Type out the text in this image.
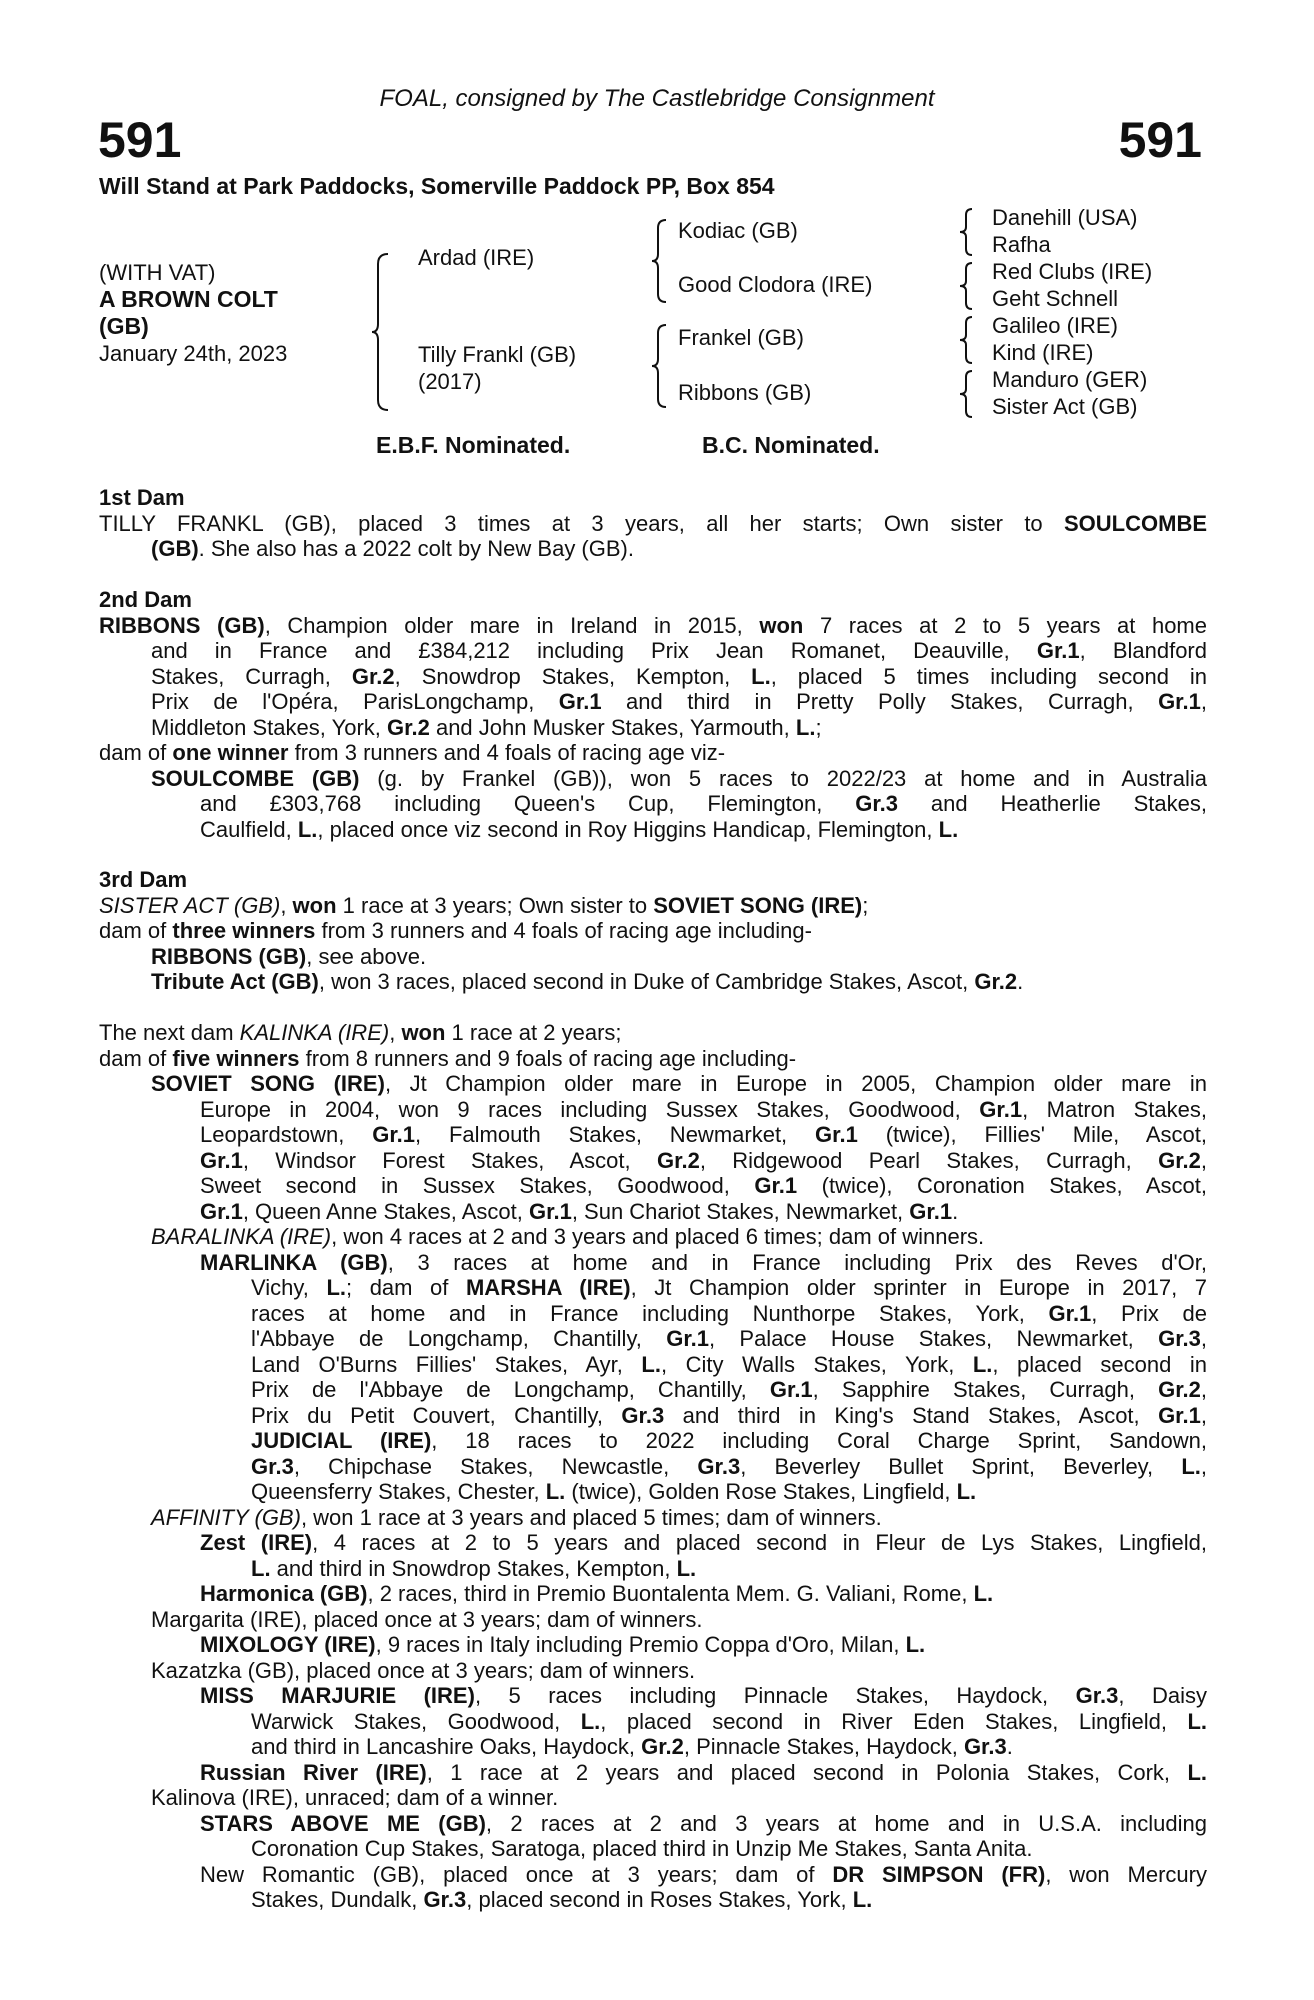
FOAL, consigned by The Castlebridge Consignment
591	591
Will Stand at Park Paddocks, Somerville Paddock PP, Box 854
(WITH VAT)
A BROWN COLT
(GB)
January 24th, 2023
Ardad (IRE)
Tilly Frankl (GB)
(2017)
Kodiac (GB)
Good Clodora (IRE)
Frankel (GB)
Ribbons (GB)
Danehill (USA)
Rafha
Red Clubs (IRE)
Geht Schnell
Galileo (IRE)
Kind (IRE)
Manduro (GER)
Sister Act (GB)
E.B.F. Nominated.	B.C. Nominated.
1st Dam
TILLY FRANKL (GB), placed 3 times at 3 years, all her starts; Own sister to SOULCOMBE
(GB). She also has a 2022 colt by New Bay (GB).
2nd Dam
RIBBONS (GB), Champion older mare in Ireland in 2015, won 7 races at 2 to 5 years at home
and in France and £384,212 including Prix Jean Romanet, Deauville, Gr.1, Blandford
Stakes, Curragh, Gr.2, Snowdrop Stakes, Kempton, L., placed 5 times including second in
Prix de l'Opéra, ParisLongchamp, Gr.1 and third in Pretty Polly Stakes, Curragh, Gr.1,
Middleton Stakes, York, Gr.2 and John Musker Stakes, Yarmouth, L.;
dam of one winner from 3 runners and 4 foals of racing age viz-
SOULCOMBE (GB) (g. by Frankel (GB)), won 5 races to 2022/23 at home and in Australia
and £303,768 including Queen's Cup, Flemington, Gr.3 and Heatherlie Stakes,
Caulfield, L., placed once viz second in Roy Higgins Handicap, Flemington, L.
3rd Dam
SISTER ACT (GB), won 1 race at 3 years; Own sister to SOVIET SONG (IRE);
dam of three winners from 3 runners and 4 foals of racing age including-
RIBBONS (GB), see above.
Tribute Act (GB), won 3 races, placed second in Duke of Cambridge Stakes, Ascot, Gr.2.
The next dam KALINKA (IRE), won 1 race at 2 years;
dam of five winners from 8 runners and 9 foals of racing age including-
SOVIET SONG (IRE), Jt Champion older mare in Europe in 2005, Champion older mare in
Europe in 2004, won 9 races including Sussex Stakes, Goodwood, Gr.1, Matron Stakes,
Leopardstown, Gr.1, Falmouth Stakes, Newmarket, Gr.1 (twice), Fillies' Mile, Ascot,
Gr.1, Windsor Forest Stakes, Ascot, Gr.2, Ridgewood Pearl Stakes, Curragh, Gr.2,
Sweet second in Sussex Stakes, Goodwood, Gr.1 (twice), Coronation Stakes, Ascot,
Gr.1, Queen Anne Stakes, Ascot, Gr.1, Sun Chariot Stakes, Newmarket, Gr.1.
BARALINKA (IRE), won 4 races at 2 and 3 years and placed 6 times; dam of winners.
MARLINKA (GB), 3 races at home and in France including Prix des Reves d'Or,
Vichy, L.; dam of MARSHA (IRE), Jt Champion older sprinter in Europe in 2017, 7
races at home and in France including Nunthorpe Stakes, York, Gr.1, Prix de
l'Abbaye de Longchamp, Chantilly, Gr.1, Palace House Stakes, Newmarket, Gr.3,
Land O'Burns Fillies' Stakes, Ayr, L., City Walls Stakes, York, L., placed second in
Prix de l'Abbaye de Longchamp, Chantilly, Gr.1, Sapphire Stakes, Curragh, Gr.2,
Prix du Petit Couvert, Chantilly, Gr.3 and third in King's Stand Stakes, Ascot, Gr.1,
JUDICIAL (IRE), 18 races to 2022 including Coral Charge Sprint, Sandown,
Gr.3, Chipchase Stakes, Newcastle, Gr.3, Beverley Bullet Sprint, Beverley, L.,
Queensferry Stakes, Chester, L. (twice), Golden Rose Stakes, Lingfield, L.
AFFINITY (GB), won 1 race at 3 years and placed 5 times; dam of winners.
Zest (IRE), 4 races at 2 to 5 years and placed second in Fleur de Lys Stakes, Lingfield,
L. and third in Snowdrop Stakes, Kempton, L.
Harmonica (GB), 2 races, third in Premio Buontalenta Mem. G. Valiani, Rome, L.
Margarita (IRE), placed once at 3 years; dam of winners.
MIXOLOGY (IRE), 9 races in Italy including Premio Coppa d'Oro, Milan, L.
Kazatzka (GB), placed once at 3 years; dam of winners.
MISS MARJURIE (IRE), 5 races including Pinnacle Stakes, Haydock, Gr.3, Daisy
Warwick Stakes, Goodwood, L., placed second in River Eden Stakes, Lingfield, L.
and third in Lancashire Oaks, Haydock, Gr.2, Pinnacle Stakes, Haydock, Gr.3.
Russian River (IRE), 1 race at 2 years and placed second in Polonia Stakes, Cork, L.
Kalinova (IRE), unraced; dam of a winner.
STARS ABOVE ME (GB), 2 races at 2 and 3 years at home and in U.S.A. including
Coronation Cup Stakes, Saratoga, placed third in Unzip Me Stakes, Santa Anita.
New Romantic (GB), placed once at 3 years; dam of DR SIMPSON (FR), won Mercury
Stakes, Dundalk, Gr.3, placed second in Roses Stakes, York, L.
